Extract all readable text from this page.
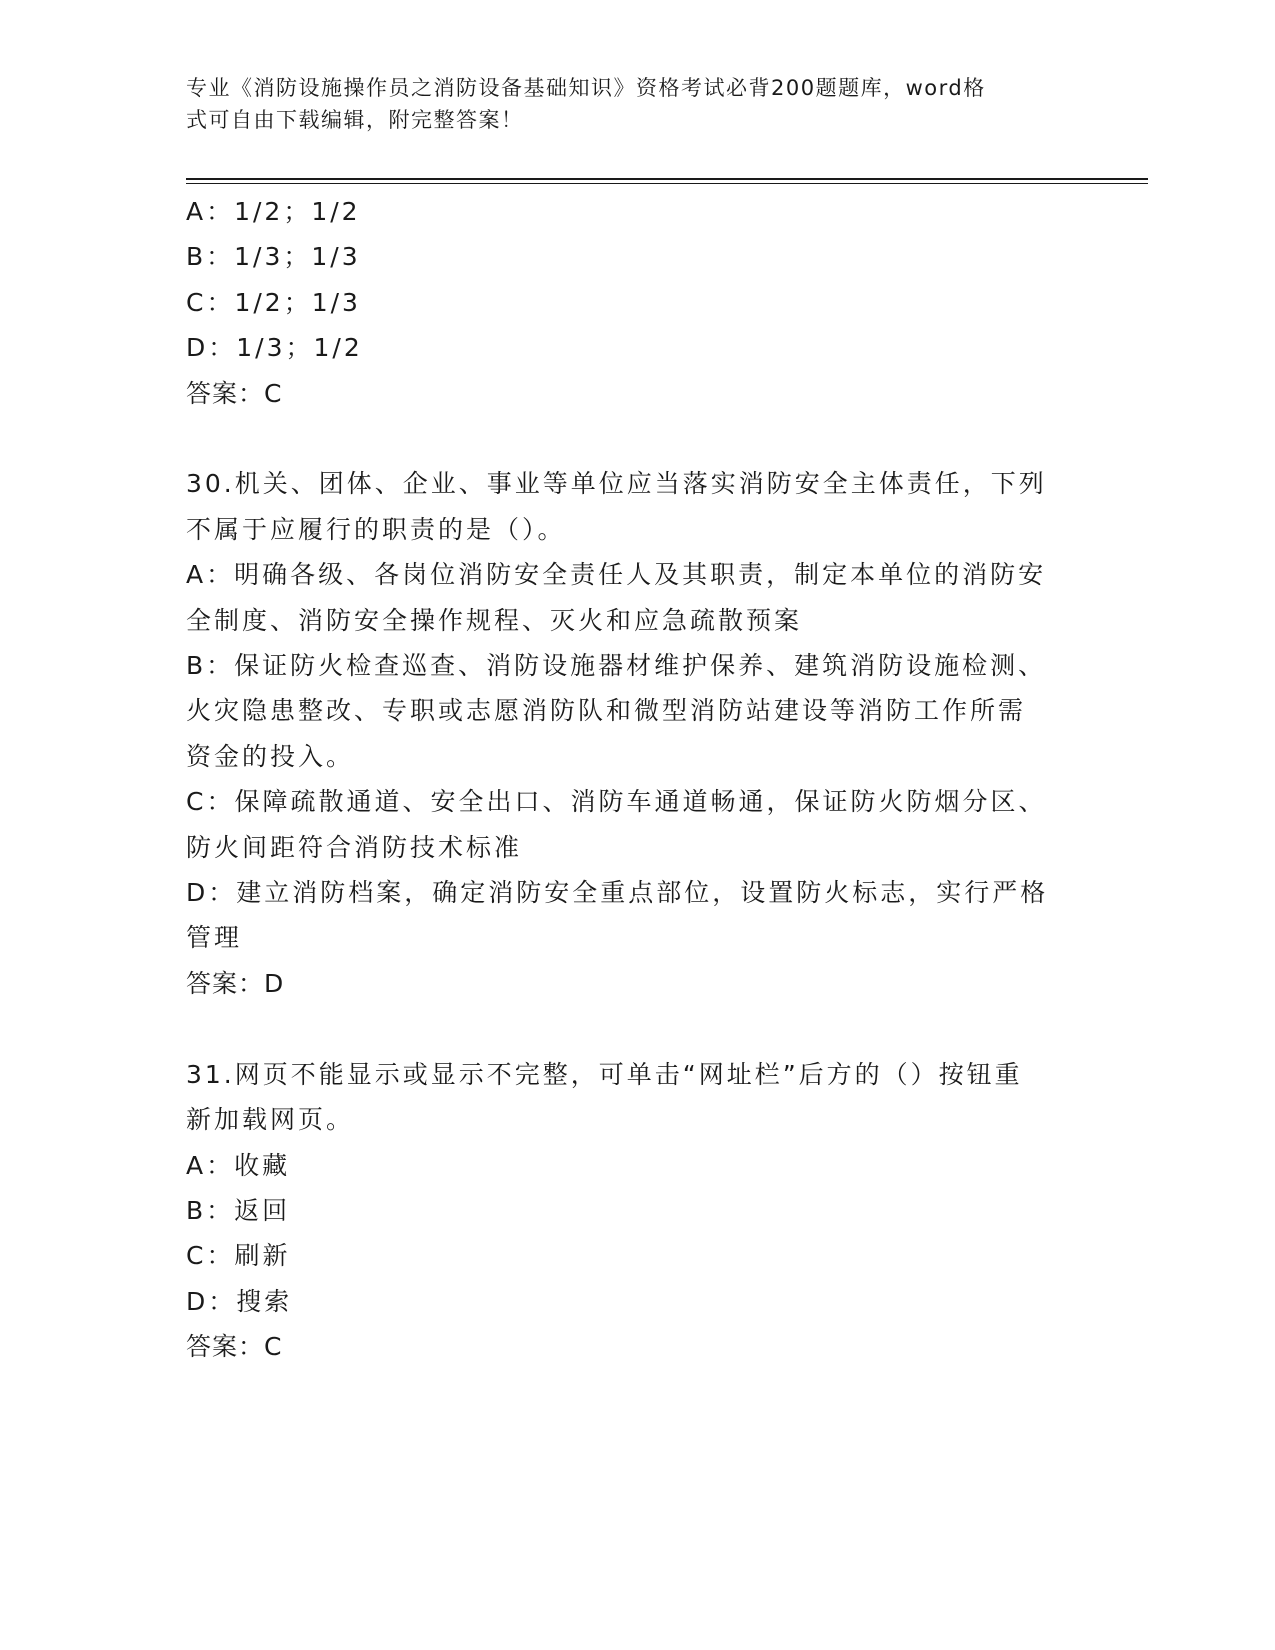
专业《消防设施操作员之消防设备基础知识》资格考试必背200题题库，word格
式可自由下载编辑，附完整答案！
A：1/2；1/2
B：1/3；1/3
C：1/2；1/3
D：1/3；1/2
答案：C
30.机关、团体、企业、事业等单位应当落实消防安全主体责任，下列
不属于应履行的职责的是（）。
A：明确各级、各岗位消防安全责任人及其职责，制定本单位的消防安
全制度、消防安全操作规程、灭火和应急疏散预案
B：保证防火检查巡查、消防设施器材维护保养、建筑消防设施检测、
火灾隐患整改、专职或志愿消防队和微型消防站建设等消防工作所需
资金的投入。
C：保障疏散通道、安全出口、消防车通道畅通，保证防火防烟分区、
防火间距符合消防技术标准
D：建立消防档案，确定消防安全重点部位，设置防火标志，实行严格
管理
答案：D
31.网页不能显示或显示不完整，可单击“网址栏”后方的（）按钮重
新加载网页。
A：收藏
B：返回
C：刷新
D：搜索
答案：C
